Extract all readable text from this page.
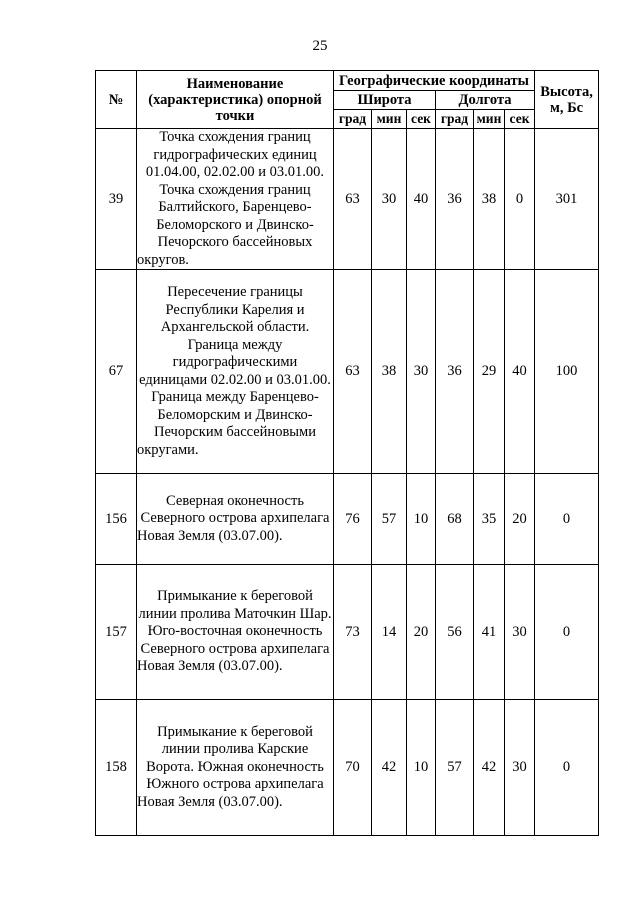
25
№	Наименование (характеристика) опорной точки	Географические координаты						Высота, м, Бс
		Широта			Долгота			
		град	мин	сек	град	мин	сек	
39	Точка схождения границ гидрографических единиц 01.04.00, 02.02.00 и 03.01.00. Точка схождения границ Балтийского, Баренцево-Беломорского и Двинско-Печорского бассейновых округов.	63	30	40	36	38	0	301
67	Пересечение границы Республики Карелия и Архангельской области. Граница между гидрографическими единицами 02.02.00 и 03.01.00. Граница между Баренцево-Беломорским и Двинско-Печорским бассейновыми округами.	63	38	30	36	29	40	100
156	Северная оконечность Северного острова архипелага Новая Земля (03.07.00).	76	57	10	68	35	20	0
157	Примыкание к береговой линии пролива Маточкин Шар. Юго-восточная оконечность Северного острова архипелага Новая Земля (03.07.00).	73	14	20	56	41	30	0
158	Примыкание к береговой линии пролива Карские Ворота. Южная оконечность Южного острова архипелага Новая Земля (03.07.00).	70	42	10	57	42	30	0
